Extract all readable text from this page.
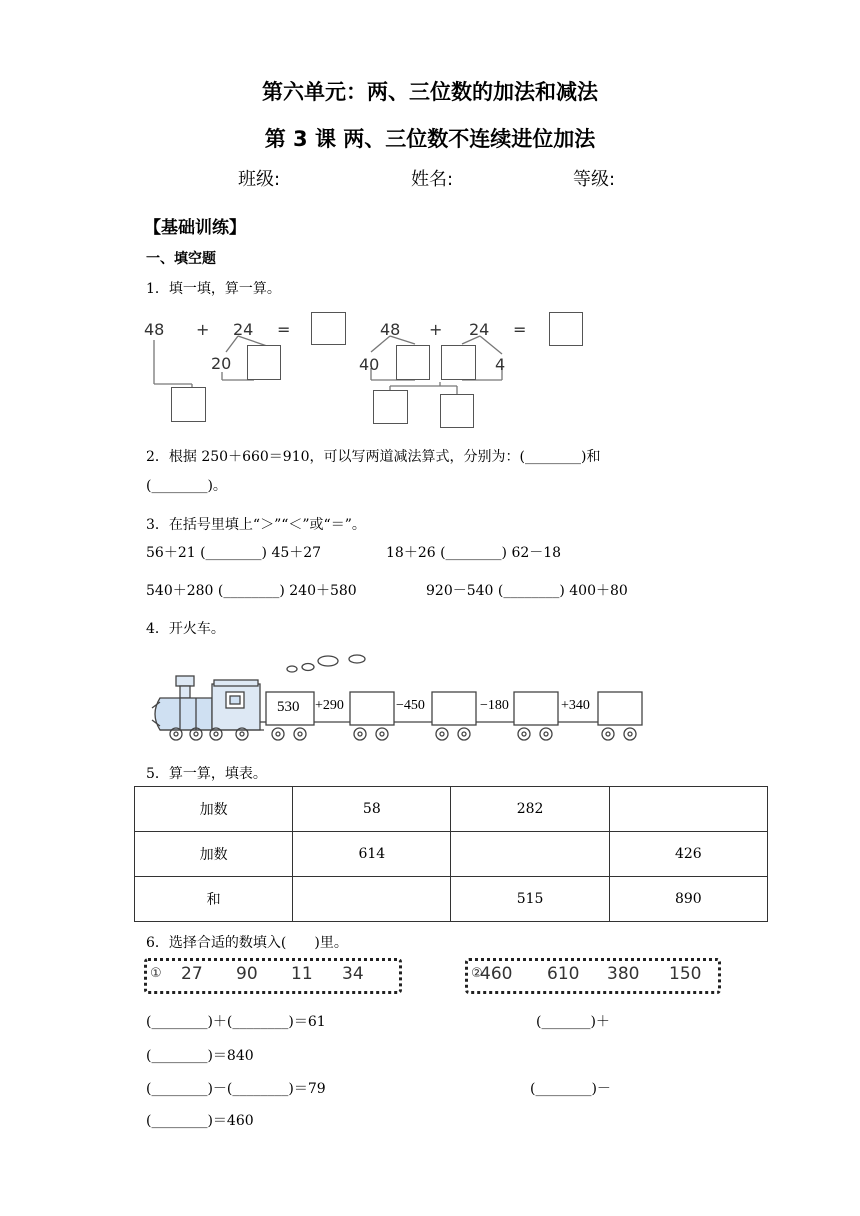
第六单元：两、三位数的加法和减法
第 3 课 两、三位数不连续进位加法
班级:	姓名:	等级:
【基础训练】
一、填空题
1．填一填，算一算。
48 + 24 =
20
48 + 24 =
40	4
2．根据 250＋660＝910，可以写两道减法算式，分别为：(________)和
(________)。
3．在括号里填上“＞”“＜”或“＝”。
56＋21 (________) 45＋27	18＋26 (________) 62－18
540＋280 (________) 240＋580	920－540 (________) 400＋80
4．开火车。
530 +290	−450	−180	+340
5．算一算，填表。
加数	58	282	
加数	614		426
和		515	890
6．选择合适的数填入(　　)里。
① 27 90 11 34	②
460 610 380 150
(________)＋(________)＝61	(_______)＋
(________)＝840
(________)－(________)＝79	(________)－
(________)＝460
